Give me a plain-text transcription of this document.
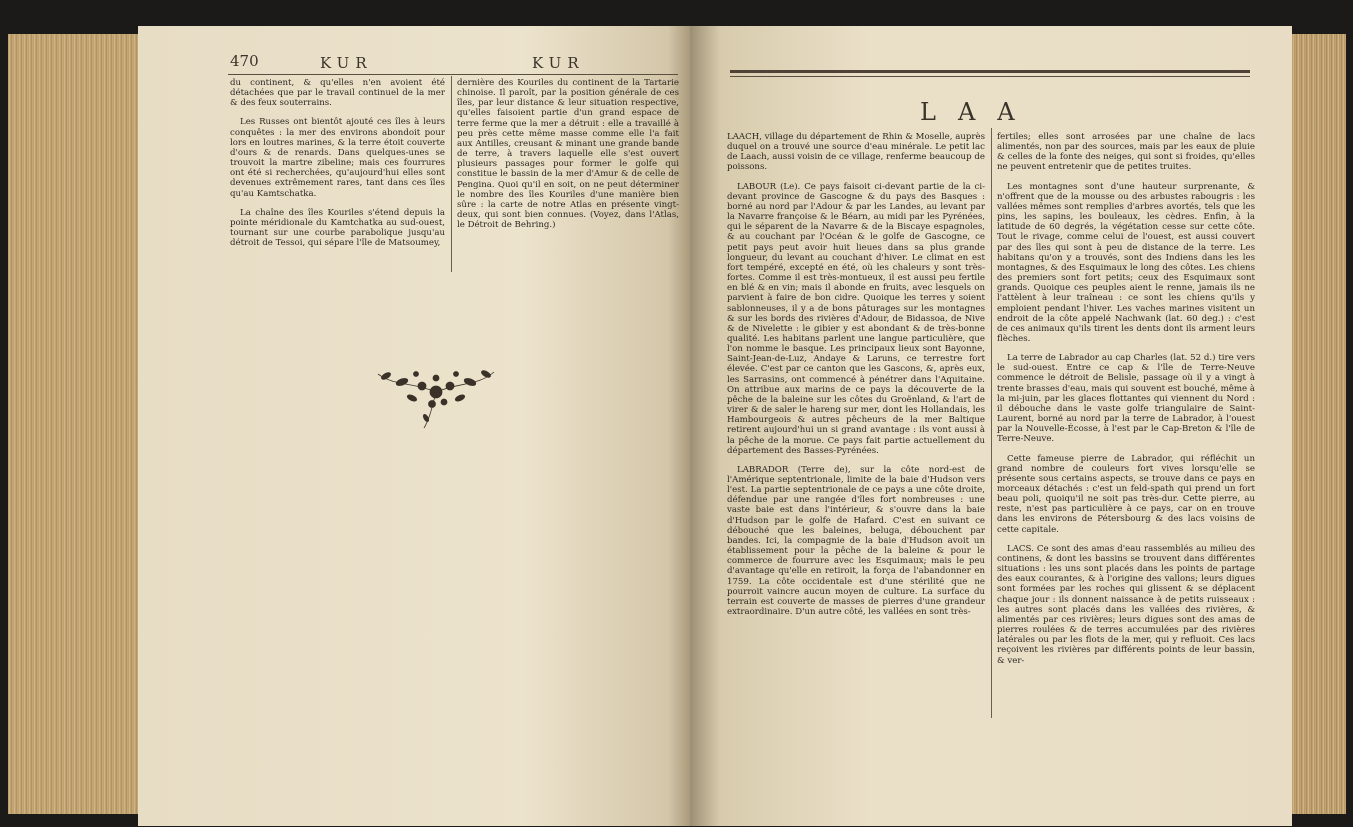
470	KUR	KUR

du continent, & qu'elles n'en avoient été détachées que par le travail continuel de la mer & des feux souterrains.

Les Russes ont bientôt ajouté ces îles à leurs conquêtes : la mer des environs abondoit pour lors en loutres marines, & la terre étoit couverte d'ours & de renards. Dans quelques-unes se trouvoit la martre zibeline; mais ces fourrures ont été si recherchées, qu'aujourd'hui elles sont devenues extrêmement rares, tant dans ces îles qu'au Kamtschatka.

La chaîne des îles Kouriles s'étend depuis la pointe méridionale du Kamtchatka au sud-ouest, tournant sur une courbe parabolique jusqu'au détroit de Tessoi, qui sépare l'île de Matsoumey,

dernière des Kouriles du continent de la Tartarie chinoise. Il paroît, par la position générale de ces îles, par leur distance & leur situation respective, qu'elles faisoient partie d'un grand espace de terre ferme que la mer a détruit : elle a travaillé à peu près cette même masse comme elle l'a fait aux Antilles, creusant & minant une grande bande de terre, à travers laquelle elle s'est ouvert plusieurs passages pour former le golfe qui constitue le bassin de la mer d'Amur & de celle de Pengina. Quoi qu'il en soit, on ne peut déterminer le nombre des îles Kouriles d'une manière bien sûre : la carte de notre Atlas en présente vingt-deux, qui sont bien connues. (Voyez, dans l'Atlas, le Détroit de Behring.)

LAA

LAACH, village du département de Rhin & Moselle, auprès duquel on a trouvé une source d'eau minérale. Le petit lac de Laach, aussi voisin de ce village, renferme beaucoup de poissons.

LABOUR (Le). Ce pays faisoit ci-devant partie de la ci-devant province de Gascogne & du pays des Basques : borné au nord par l'Adour & par les Landes, au levant par la Navarre françoise & le Béarn, au midi par les Pyrénées, qui le séparent de la Navarre & de la Biscaye espagnoles, & au couchant par l'Océan & le golfe de Gascogne, ce petit pays peut avoir huit lieues dans sa plus grande longueur, du levant au couchant d'hiver. Le climat en est fort tempéré, excepté en été, où les chaleurs y sont très-fortes. Comme il est très-montueux, il est aussi peu fertile en blé & en vin; mais il abonde en fruits, avec lesquels on parvient à faire de bon cidre. Quoique les terres y soient sablonneuses, il y a de bons pâturages sur les montagnes & sur les bords des rivières d'Adour, de Bidassoa, de Nive & de Nivelette : le gibier y est abondant & de très-bonne qualité. Les habitans parlent une langue particulière, que l'on nomme le basque. Les principaux lieux sont Bayonne, Saint-Jean-de-Luz, Andaye & Laruns, ce terrestre fort élevée. C'est par ce canton que les Gascons, &, après eux, les Sarrasins, ont commencé à pénétrer dans l'Aquitaine. On attribue aux marins de ce pays la découverte de la pêche de la baleine sur les côtes du Groënland, & l'art de virer & de saler le hareng sur mer, dont les Hollandais, les Hambourgeois & autres pêcheurs de la mer Baltique retirent aujourd'hui un si grand avantage : ils vont aussi à la pêche de la morue. Ce pays fait partie actuellement du département des Basses-Pyrénées.

LABRADOR (Terre de), sur la côte nord-est de l'Amérique septentrionale, limite de la baie d'Hudson vers l'est. La partie septentrionale de ce pays a une côte droite, défendue par une rangée d'îles fort nombreuses : une vaste baie est dans l'intérieur, & s'ouvre dans la baie d'Hudson par le golfe de Hafard. C'est en suivant ce débouché que les baleines, beluga, débouchent par bandes. Ici, la compagnie de la baie d'Hudson avoit un établissement pour la pêche de la baleine & pour le commerce de fourrure avec les Esquimaux; mais le peu d'avantage qu'elle en retiroit, la força de l'abandonner en 1759. La côte occidentale est d'une stérilité que ne pourroit vaincre aucun moyen de culture. La surface du terrain est couverte de masses de pierres d'une grandeur extraordinaire. D'un autre côté, les vallées en sont très-

fertiles; elles sont arrosées par une chaîne de lacs alimentés, non par des sources, mais par les eaux de pluie & celles de la fonte des neiges, qui sont si froides, qu'elles ne peuvent entretenir que de petites truites.

Les montagnes sont d'une hauteur surprenante, & n'offrent que de la mousse ou des arbustes rabougris : les vallées mêmes sont remplies d'arbres avortés, tels que les pins, les sapins, les bouleaux, les cèdres. Enfin, à la latitude de 60 degrés, la végétation cesse sur cette côte. Tout le rivage, comme celui de l'ouest, est aussi couvert par des îles qui sont à peu de distance de la terre. Les habitans qu'on y a trouvés, sont des Indiens dans les les montagnes, & des Esquimaux le long des côtes. Les chiens des premiers sont fort petits; ceux des Esquimaux sont grands. Quoique ces peuples aient le renne, jamais ils ne l'attèlent à leur traîneau : ce sont les chiens qu'ils y emploient pendant l'hiver. Les vaches marines visitent un endroit de la côte appelé Nachwank (lat. 60 deg.) : c'est de ces animaux qu'ils tirent les dents dont ils arment leurs flèches.

La terre de Labrador au cap Charles (lat. 52 d.) tire vers le sud-ouest. Entre ce cap & l'île de Terre-Neuve commence le détroit de Belisle, passage où il y a vingt à trente brasses d'eau, mais qui souvent est bouché, même à la mi-juin, par les glaces flottantes qui viennent du Nord : il débouche dans le vaste golfe triangulaire de Saint-Laurent, borné au nord par la terre de Labrador, à l'ouest par la Nouvelle-Écosse, à l'est par le Cap-Breton & l'île de Terre-Neuve.

Cette fameuse pierre de Labrador, qui réfléchit un grand nombre de couleurs fort vives lorsqu'elle se présente sous certains aspects, se trouve dans ce pays en morceaux détachés : c'est un feld-spath qui prend un fort beau poli, quoiqu'il ne soit pas très-dur. Cette pierre, au reste, n'est pas particulière à ce pays, car on en trouve dans les environs de Pétersbourg & des lacs voisins de cette capitale.

LACS. Ce sont des amas d'eau rassemblés au milieu des continens, & dont les bassins se trouvent dans différentes situations : les uns sont placés dans les points de partage des eaux courantes, & à l'origine des vallons; leurs digues sont formées par les roches qui glissent & se déplacent chaque jour : ils donnent naissance à de petits ruisseaux : les autres sont placés dans les vallées des rivières, & alimentés par ces rivières; leurs digues sont des amas de pierres roulées & de terres accumulées par des rivières latérales ou par les flots de la mer, qui y refluoit. Ces lacs reçoivent les rivières par différents points de leur bassin, & ver-
